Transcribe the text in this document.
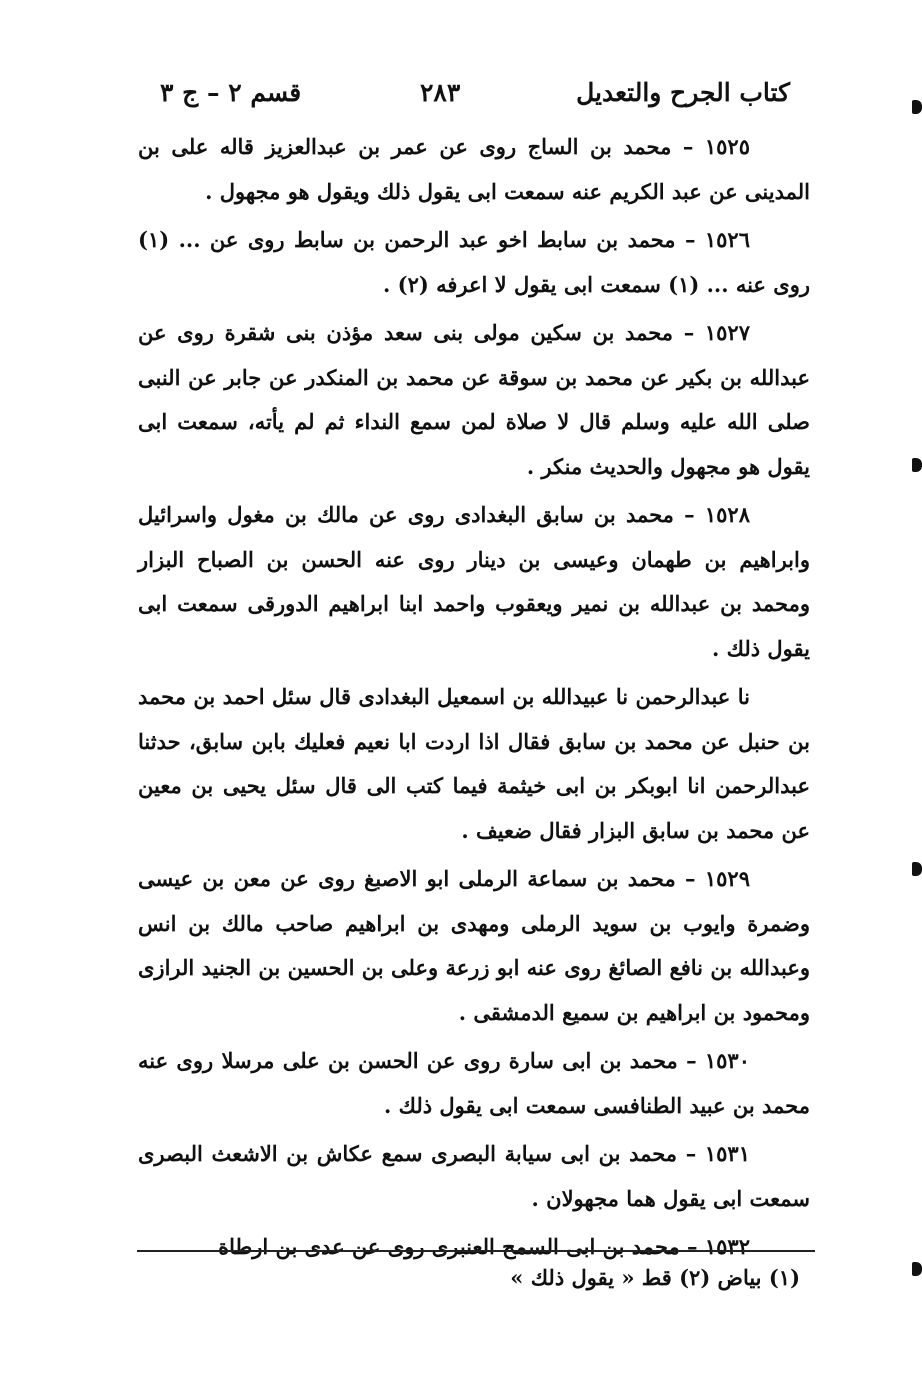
كتاب الجرح والتعديل
٢٨٣
قسم ٢ – ج ٣

١٥٢٥ – محمد بن الساج روى عن عمر بن عبدالعزيز قاله على بن المدينى عن عبد الكريم عنه سمعت ابى يقول ذلك ويقول هو مجهول .

١٥٢٦ – محمد بن سابط اخو عبد الرحمن بن سابط روى عن ... (١) روى عنه ... (١) سمعت ابى يقول لا اعرفه (٢) .

١٥٢٧ – محمد بن سكين مولى بنى سعد مؤذن بنى شقرة روى عن عبدالله بن بكير عن محمد بن سوقة عن محمد بن المنكدر عن جابر عن النبى صلى الله عليه وسلم قال لا صلاة لمن سمع النداء ثم لم يأته، سمعت ابى يقول هو مجهول والحديث منكر .

١٥٢٨ – محمد بن سابق البغدادى روى عن مالك بن مغول واسرائيل وابراهيم بن طهمان وعيسى بن دينار روى عنه الحسن بن الصباح البزار ومحمد بن عبدالله بن نمير ويعقوب واحمد ابنا ابراهيم الدورقى سمعت ابى يقول ذلك .

نا عبدالرحمن نا عبيدالله بن اسمعيل البغدادى قال سئل احمد بن محمد بن حنبل عن محمد بن سابق فقال اذا اردت ابا نعيم فعليك بابن سابق، حدثنا عبدالرحمن انا ابوبكر بن ابى خيثمة فيما كتب الى قال سئل يحيى بن معين عن محمد بن سابق البزار فقال ضعيف .

١٥٢٩ – محمد بن سماعة الرملى ابو الاصبغ روى عن معن بن عيسى وضمرة وايوب بن سويد الرملى ومهدى بن ابراهيم صاحب مالك بن انس وعبدالله بن نافع الصائغ روى عنه ابو زرعة وعلى بن الحسين بن الجنيد الرازى ومحمود بن ابراهيم بن سميع الدمشقى .

١٥٣٠ – محمد بن ابى سارة روى عن الحسن بن على مرسلا روى عنه محمد بن عبيد الطنافسى سمعت ابى يقول ذلك .

١٥٣١ – محمد بن ابى سيابة البصرى سمع عكاش بن الاشعث البصرى سمعت ابى يقول هما مجهولان .

١٥٣٢ – محمد بن ابى السمح العنبرى روى عن عدى بن ارطاة

(١) بياض (٢) قط « يقول ذلك »
